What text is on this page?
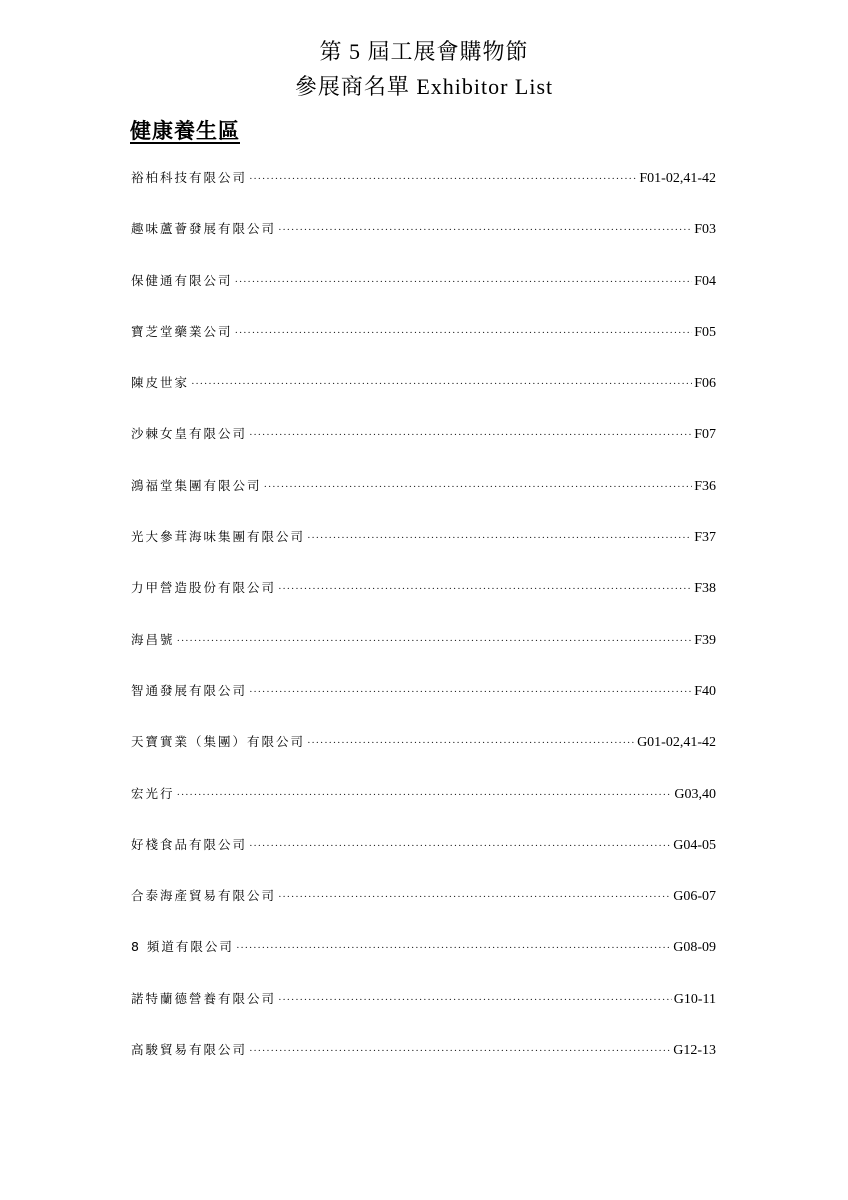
第 5 屆工展會購物節
參展商名單 Exhibitor List
健康養生區
裕柏科技有限公司 ·····	F01-02,41-42
趣味蘆薈發展有限公司 ·····	F03
保健通有限公司 ·····	F04
寶芝堂藥業公司 ·····	F05
陳皮世家 ·····	F06
沙棘女皇有限公司 ·····	F07
鴻福堂集團有限公司 ·····	F36
光大參茸海味集團有限公司 ·····	F37
力甲營造股份有限公司 ·····	F38
海昌號 ·····	F39
智通發展有限公司 ·····	F40
天寶實業（集團）有限公司 ·····	G01-02,41-42
宏光行 ·····	G03,40
好棧食品有限公司 ·····	G04-05
合泰海產貿易有限公司 ·····	G06-07
8 頻道有限公司 ·····	G08-09
諾特蘭德營養有限公司 ·····	G10-11
高駿貿易有限公司 ·····	G12-13
